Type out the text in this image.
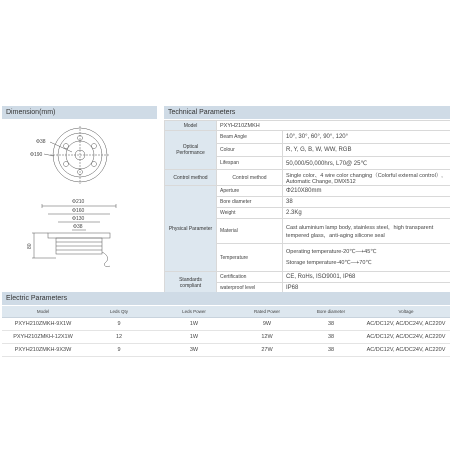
Dimension(mm)
Φ38
Φ190
Φ210
Φ160
Φ130
Φ38
80
Technical Parameters
Model	PXYH210ZMKH	
Optical Performance	Beam Angle	10°, 30°, 60°, 90°, 120°
	Colour	R, Y, G, B, W, WW, RGB
	Lifespan	50,000/50,000hrs, L70@ 25℃
Control method	Control method	Single color、4 wire color changing（Colorful external control）, Automatic Change, DMX512
Physical Parameter	Aperture	Φ210X80mm
	Bore diameter	38
	Weight	2.3Kg
	Material	Cast aluminium lamp body, stainless steel，high transparent tempered glass，anti-aging silicone seal
	Temperature	Operating temperature-20℃—+45℃
Storage temperature-40℃—+70℃

Standards compliant	Certification	CE, RoHs, ISO9001, IP68
	waterproof level	IP68
Electric Parameters
Model	Leds Qty	Leds Power	Rated Power	Bore diameter	Voltage
PXYH210ZMKH-9X1W	9	1W	9W	38	AC/DC12V, AC/DC24V, AC220V
PXYH210ZMKH-12X1W	12	1W	12W	38	AC/DC12V, AC/DC24V, AC220V
PXYH210ZMKH-9X3W	9	3W	27W	38	AC/DC12V, AC/DC24V, AC220V
